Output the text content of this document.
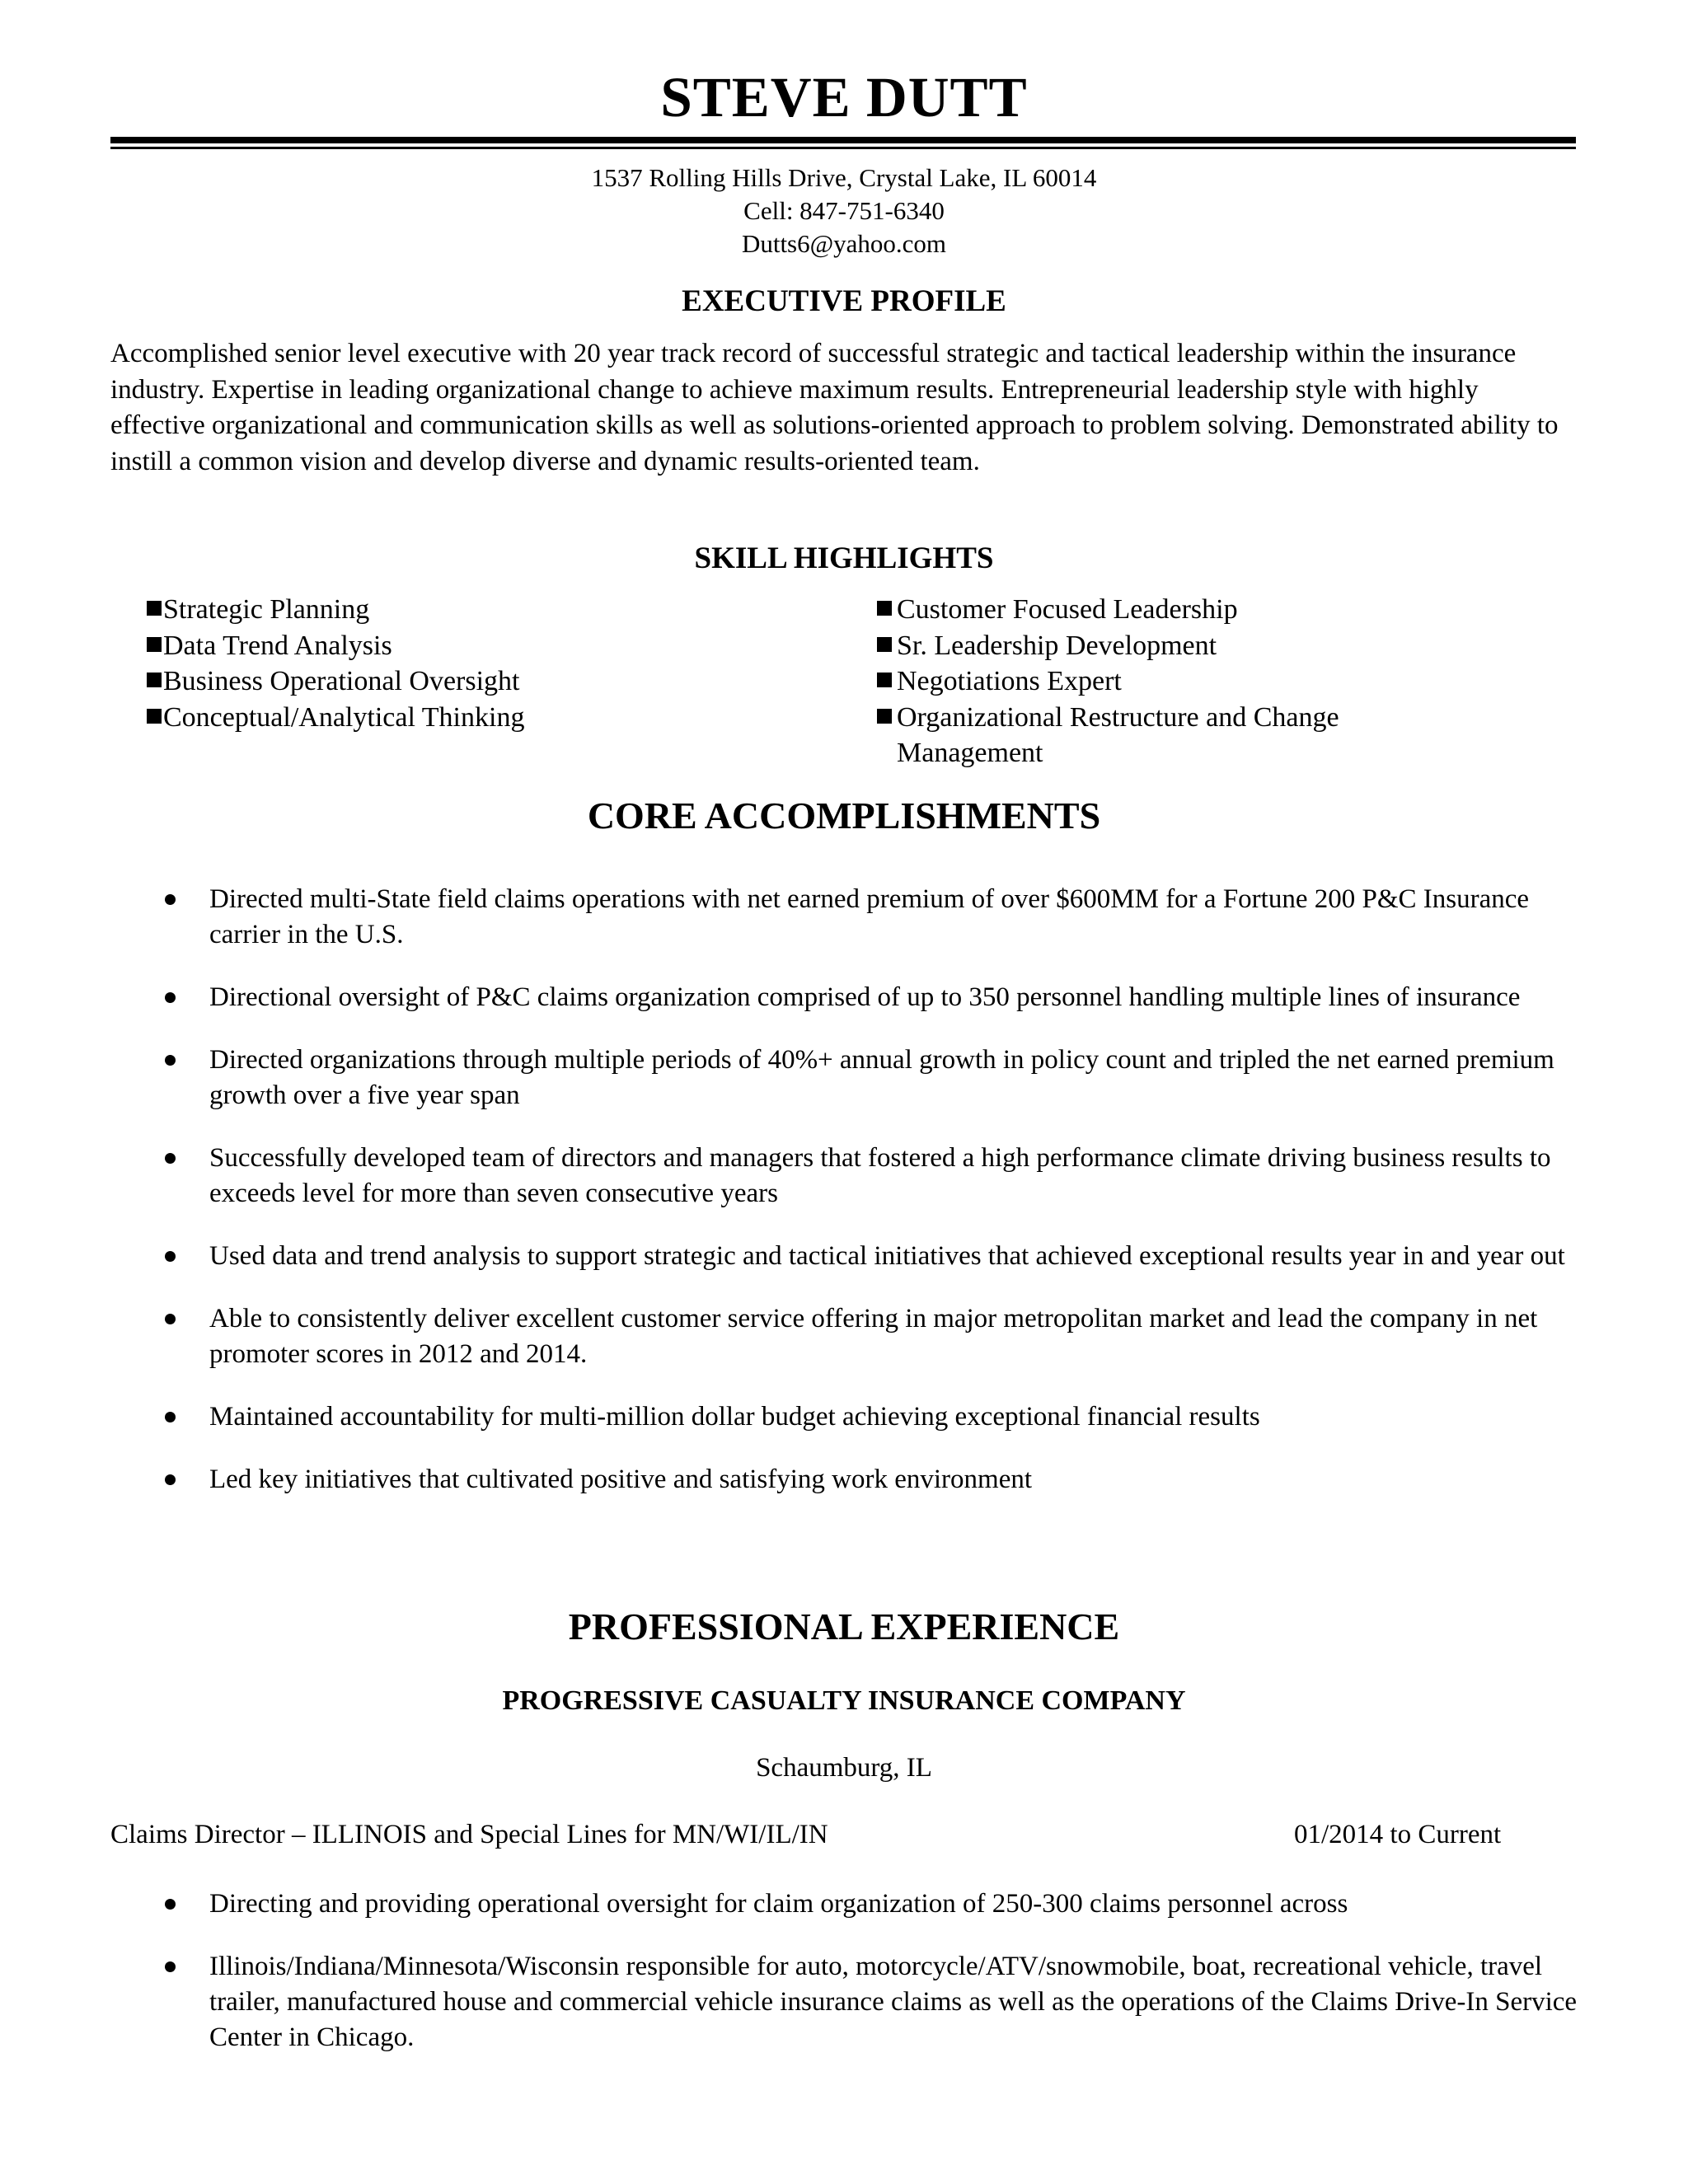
STEVE DUTT
1537 Rolling Hills Drive, Crystal Lake, IL 60014
Cell: 847-751-6340
Dutts6@yahoo.com
EXECUTIVE PROFILE

Accomplished senior level executive with 20 year track record of successful strategic and tactical leadership within the insurance industry. Expertise in leading organizational change to achieve maximum results. Entrepreneurial leadership style with highly effective organizational and communication skills as well as solutions-oriented approach to problem solving. Demonstrated ability to instill a common vision and develop diverse and dynamic results-oriented team.

SKILL HIGHLIGHTS
Strategic Planning
Data Trend Analysis
Business Operational Oversight
Conceptual/Analytical Thinking
Customer Focused Leadership
Sr. Leadership Development
Negotiations Expert
Organizational Restructure and Change Management
CORE ACCOMPLISHMENTS
Directed multi-State field claims operations with net earned premium of over $600MM for a Fortune 200 P&C Insurance carrier in the U.S.
Directional oversight of P&C claims organization comprised of up to 350 personnel handling multiple lines of insurance
Directed organizations through multiple periods of 40%+ annual growth in policy count and tripled the net earned premium growth over a five year span
Successfully developed team of directors and managers that fostered a high performance climate driving business results to exceeds level for more than seven consecutive years
Used data and trend analysis to support strategic and tactical initiatives that achieved exceptional results year in and year out
Able to consistently deliver excellent customer service offering in major metropolitan market and lead the company in net promoter scores in 2012 and 2014.
Maintained accountability for multi-million dollar budget achieving exceptional financial results
Led key initiatives that cultivated positive and satisfying work environment
PROFESSIONAL EXPERIENCE
PROGRESSIVE CASUALTY INSURANCE COMPANY
Schaumburg, IL
Claims Director – ILLINOIS and Special Lines for MN/WI/IL/IN	01/2014 to Current
Directing and providing operational oversight for claim organization of 250-300 claims personnel across
Illinois/Indiana/Minnesota/Wisconsin responsible for auto, motorcycle/ATV/snowmobile, boat, recreational vehicle, travel trailer, manufactured house and commercial vehicle insurance claims as well as the operations of the Claims Drive-In Service Center in Chicago.
